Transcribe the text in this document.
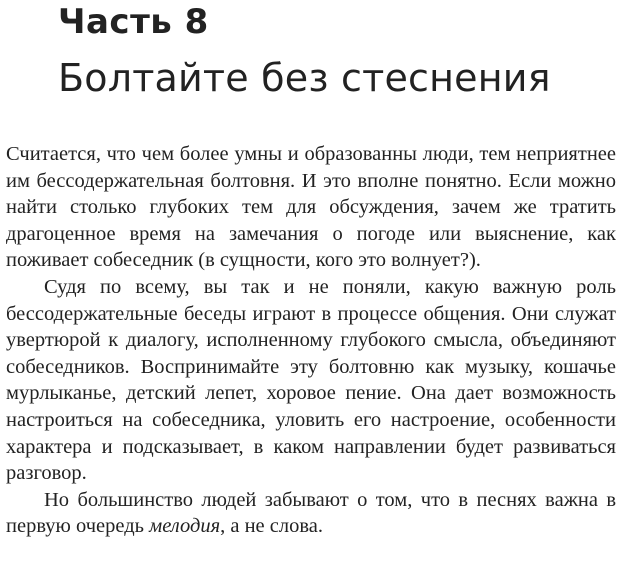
Часть 8
Болтайте без стеснения

Считается, что чем более умны и образованны люди, тем неприятнее им бессодержательная болтовня. И это вполне понятно. Если можно найти столько глубоких тем для обсуждения, зачем же тратить драгоценное время на замечания о погоде или выяснение, как поживает собеседник (в сущности, кого это волнует?).

Судя по всему, вы так и не поняли, какую важную роль бессодержательные беседы играют в процессе общения. Они служат увертюрой к диалогу, исполненному глубокого смысла, объединяют собеседников. Воспринимайте эту болтовню как музыку, кошачье мурлыканье, детский лепет, хоровое пение. Она дает возможность настроиться на собеседника, уловить его настроение, особенности характера и подсказывает, в каком направлении будет развиваться разговор.

Но большинство людей забывают о том, что в песнях важна в первую очередь мелодия, а не слова.
